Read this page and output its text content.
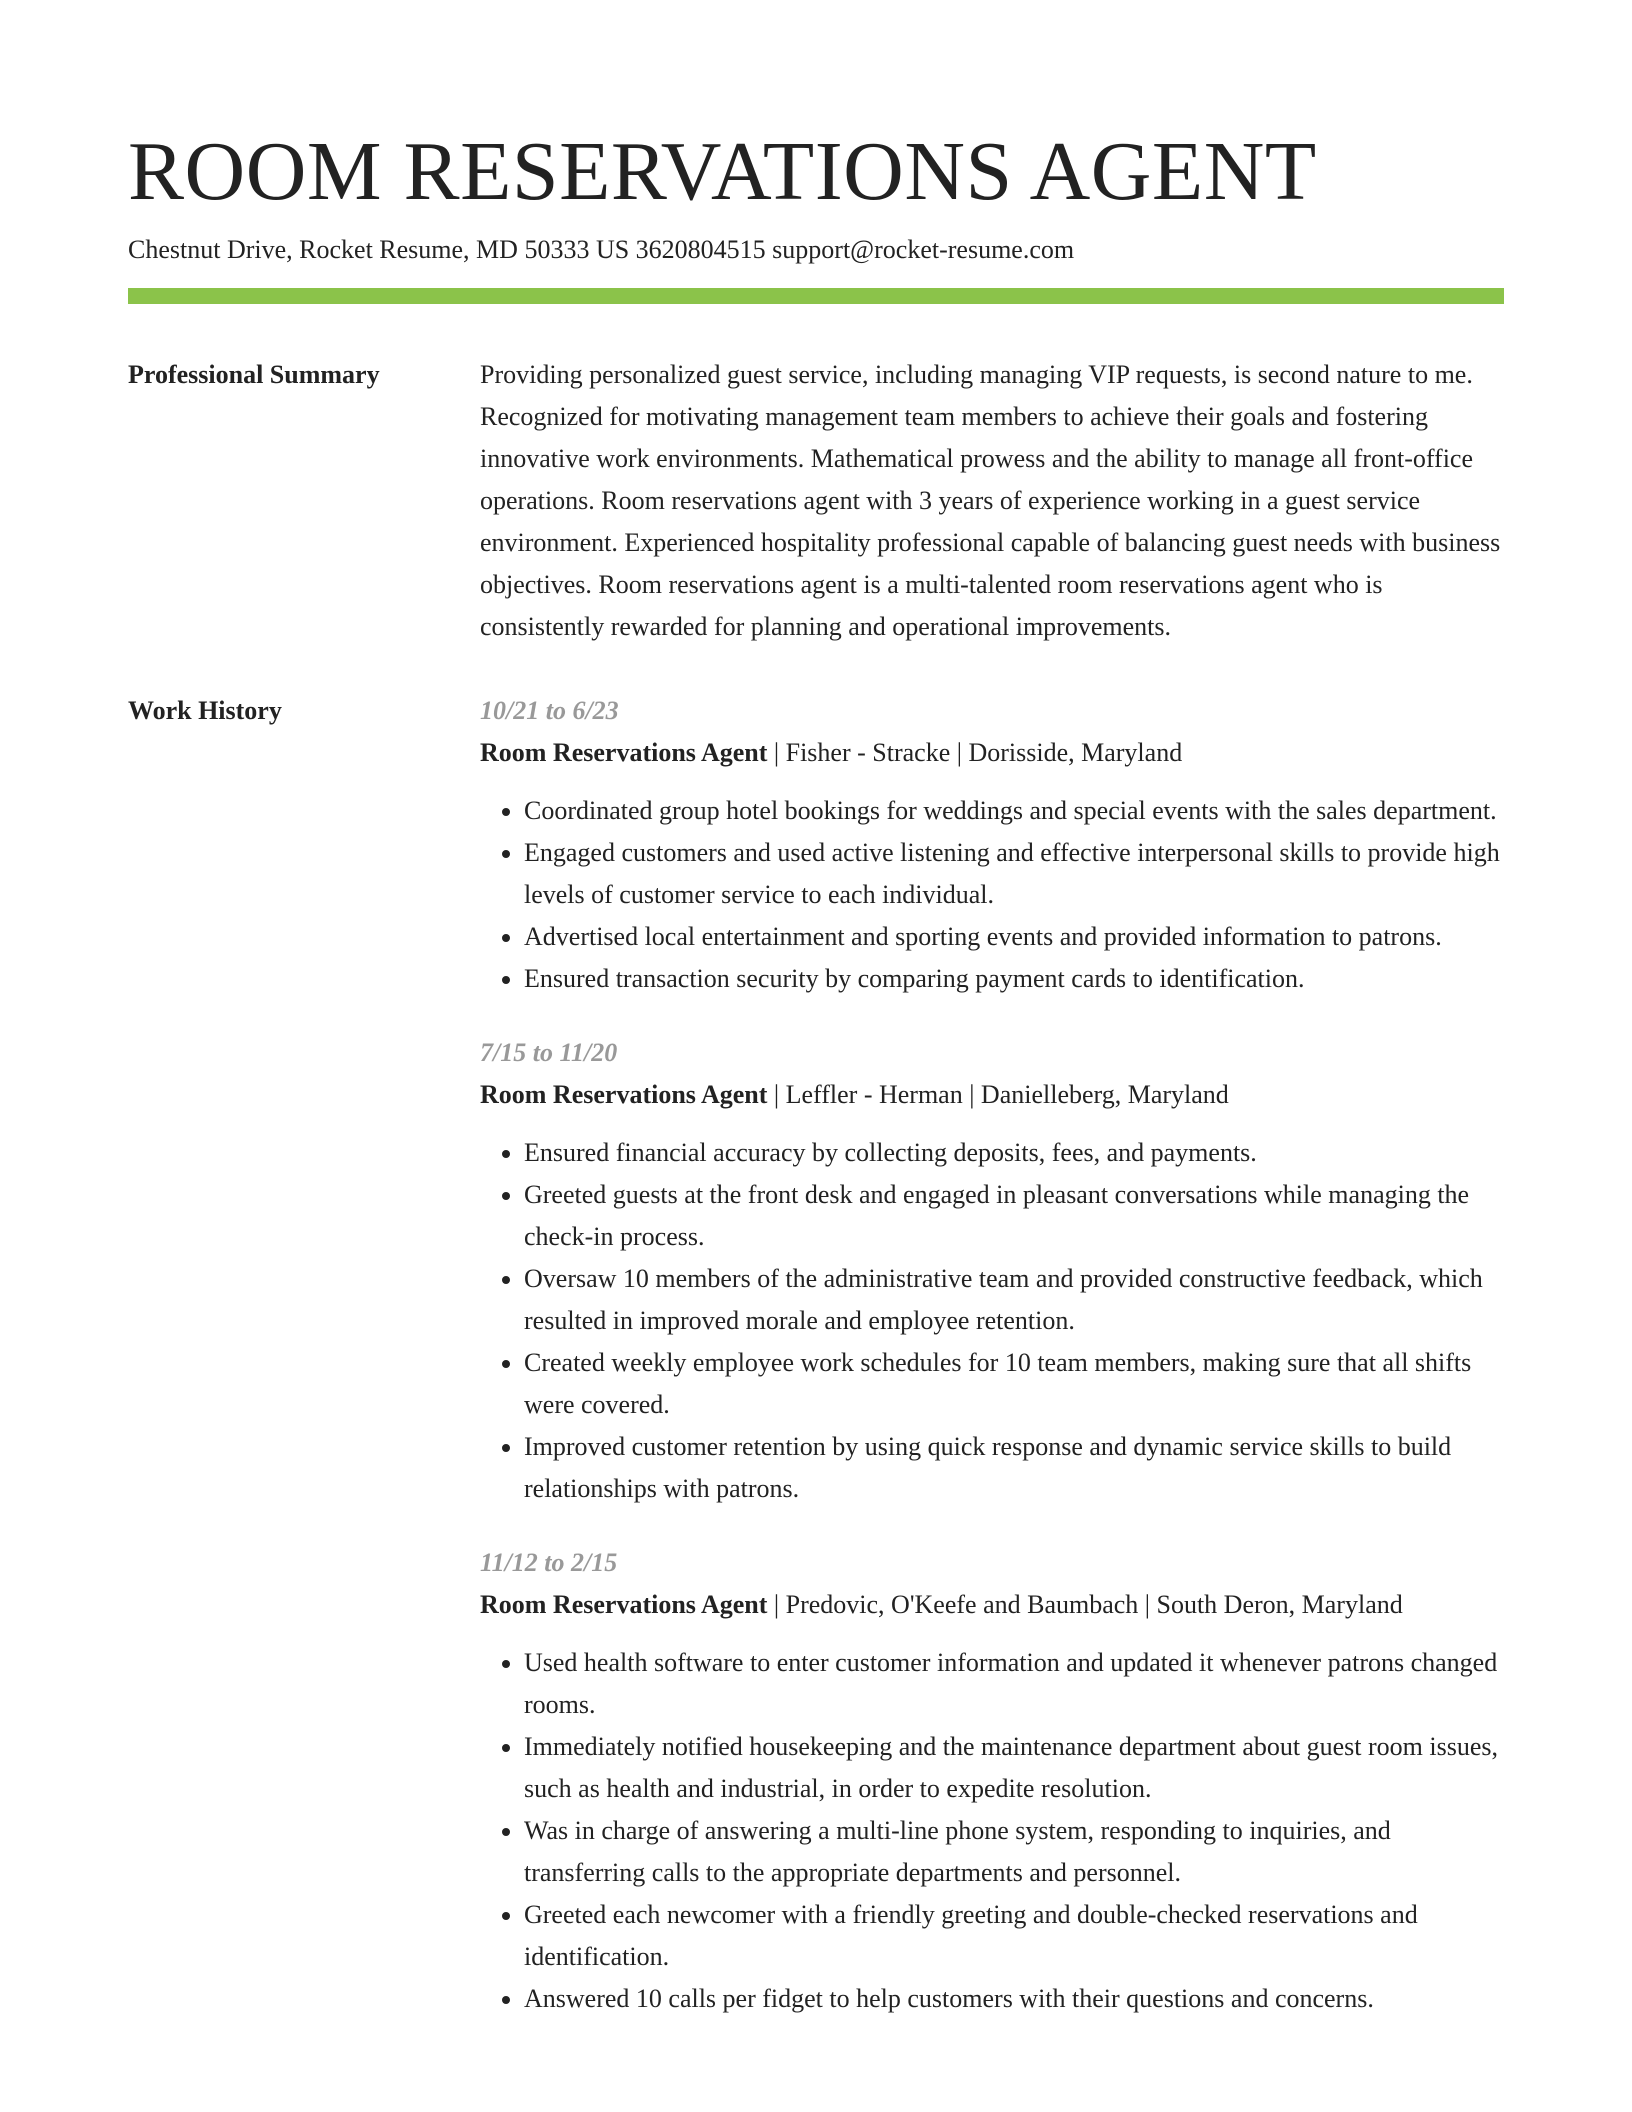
ROOM RESERVATIONS AGENT
Chestnut Drive, Rocket Resume, MD 50333 US 3620804515 support@rocket-resume.com
Professional Summary	Providing personalized guest service, including managing VIP requests, is second nature to me. Recognized for motivating management team members to achieve their goals and fostering innovative work environments. Mathematical prowess and the ability to manage all front-office operations. Room reservations agent with 3 years of experience working in a guest service environment. Experienced hospitality professional capable of balancing guest needs with business objectives. Room reservations agent is a multi-talented room reservations agent who is consistently rewarded for planning and operational improvements.

Work History	10/21 to 6/23
Room Reservations Agent | Fisher - Stracke | Dorisside, Maryland
• Coordinated group hotel bookings for weddings and special events with the sales department.
• Engaged customers and used active listening and effective interpersonal skills to provide high levels of customer service to each individual.
• Advertised local entertainment and sporting events and provided information to patrons.
• Ensured transaction security by comparing payment cards to identification.
7/15 to 11/20
Room Reservations Agent | Leffler - Herman | Danielleberg, Maryland
• Ensured financial accuracy by collecting deposits, fees, and payments.
• Greeted guests at the front desk and engaged in pleasant conversations while managing the check-in process.
• Oversaw 10 members of the administrative team and provided constructive feedback, which resulted in improved morale and employee retention.
• Created weekly employee work schedules for 10 team members, making sure that all shifts were covered.
• Improved customer retention by using quick response and dynamic service skills to build relationships with patrons.
11/12 to 2/15
Room Reservations Agent | Predovic, O'Keefe and Baumbach | South Deron, Maryland
• Used health software to enter customer information and updated it whenever patrons changed rooms.
• Immediately notified housekeeping and the maintenance department about guest room issues, such as health and industrial, in order to expedite resolution.
• Was in charge of answering a multi-line phone system, responding to inquiries, and transferring calls to the appropriate departments and personnel.
• Greeted each newcomer with a friendly greeting and double-checked reservations and identification.
• Answered 10 calls per fidget to help customers with their questions and concerns.
